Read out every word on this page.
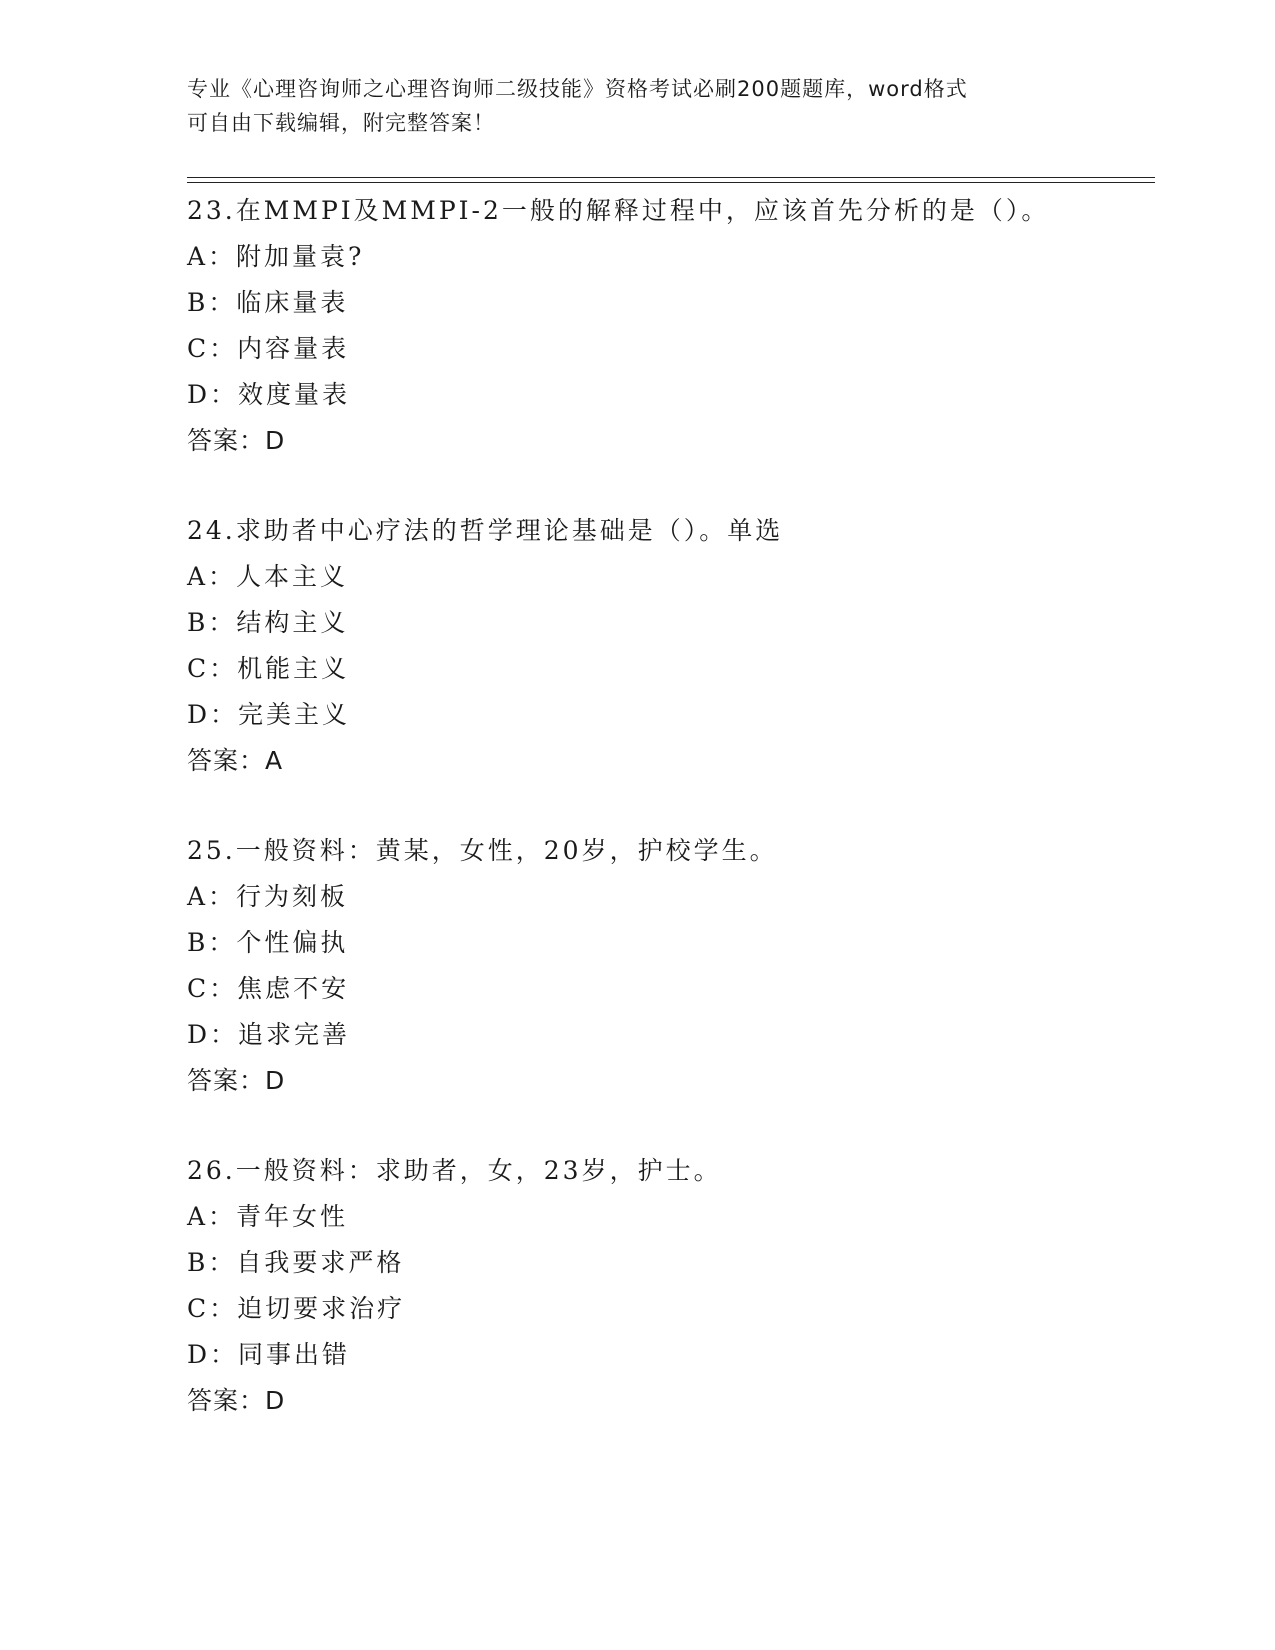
专业《心理咨询师之心理咨询师二级技能》资格考试必刷200题题库，word格式
可自由下载编辑，附完整答案！
23.在MMPI及MMPI-2一般的解释过程中，应该首先分析的是（）。
A：附加量袁?
B：临床量表
C：内容量表
D：效度量表
答案：D
24.求助者中心疗法的哲学理论基础是（）。单选
A：人本主义
B：结构主义
C：机能主义
D：完美主义
答案：A
25.一般资料：黄某，女性，20岁，护校学生。
A：行为刻板
B：个性偏执
C：焦虑不安
D：追求完善
答案：D
26.一般资料：求助者，女，23岁，护士。
A：青年女性
B：自我要求严格
C：迫切要求治疗
D：同事出错
答案：D
